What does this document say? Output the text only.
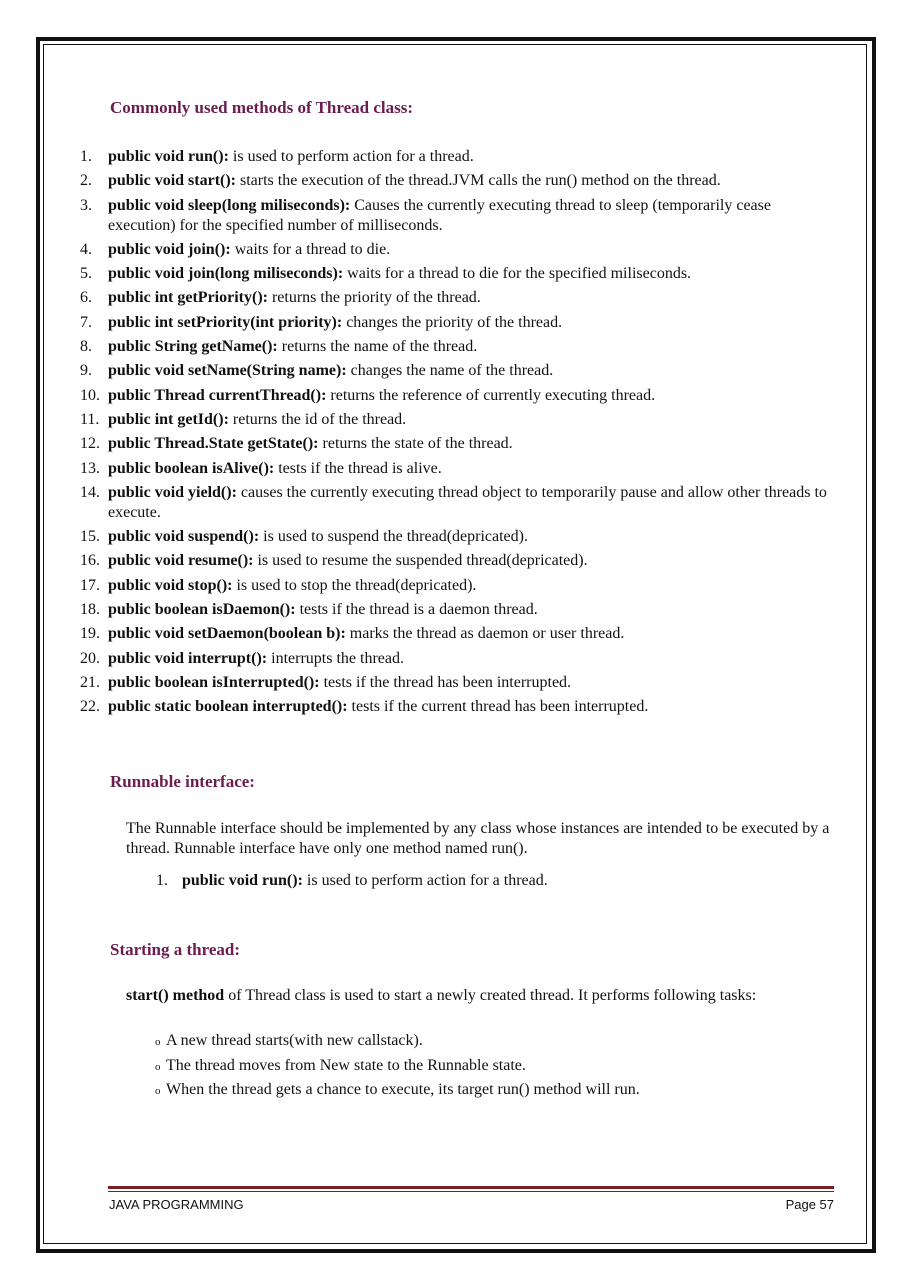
Commonly used methods of Thread class:
1. public void run(): is used to perform action for a thread.
2. public void start(): starts the execution of the thread.JVM calls the run() method on the thread.
3. public void sleep(long miliseconds): Causes the currently executing thread to sleep (temporarily cease execution) for the specified number of milliseconds.
4. public void join(): waits for a thread to die.
5. public void join(long miliseconds): waits for a thread to die for the specified miliseconds.
6. public int getPriority(): returns the priority of the thread.
7. public int setPriority(int priority): changes the priority of the thread.
8. public String getName(): returns the name of the thread.
9. public void setName(String name): changes the name of the thread.
10. public Thread currentThread(): returns the reference of currently executing thread.
11. public int getId(): returns the id of the thread.
12. public Thread.State getState(): returns the state of the thread.
13. public boolean isAlive(): tests if the thread is alive.
14. public void yield(): causes the currently executing thread object to temporarily pause and allow other threads to execute.
15. public void suspend(): is used to suspend the thread(depricated).
16. public void resume(): is used to resume the suspended thread(depricated).
17. public void stop(): is used to stop the thread(depricated).
18. public boolean isDaemon(): tests if the thread is a daemon thread.
19. public void setDaemon(boolean b): marks the thread as daemon or user thread.
20. public void interrupt(): interrupts the thread.
21. public boolean isInterrupted(): tests if the thread has been interrupted.
22. public static boolean interrupted(): tests if the current thread has been interrupted.
Runnable interface:
The Runnable interface should be implemented by any class whose instances are intended to be executed by a thread. Runnable interface have only one method named run().
1. public void run(): is used to perform action for a thread.
Starting a thread:
start() method of Thread class is used to start a newly created thread. It performs following tasks:
o A new thread starts(with new callstack).
o The thread moves from New state to the Runnable state.
o When the thread gets a chance to execute, its target run() method will run.
JAVA PROGRAMMING	Page 57
